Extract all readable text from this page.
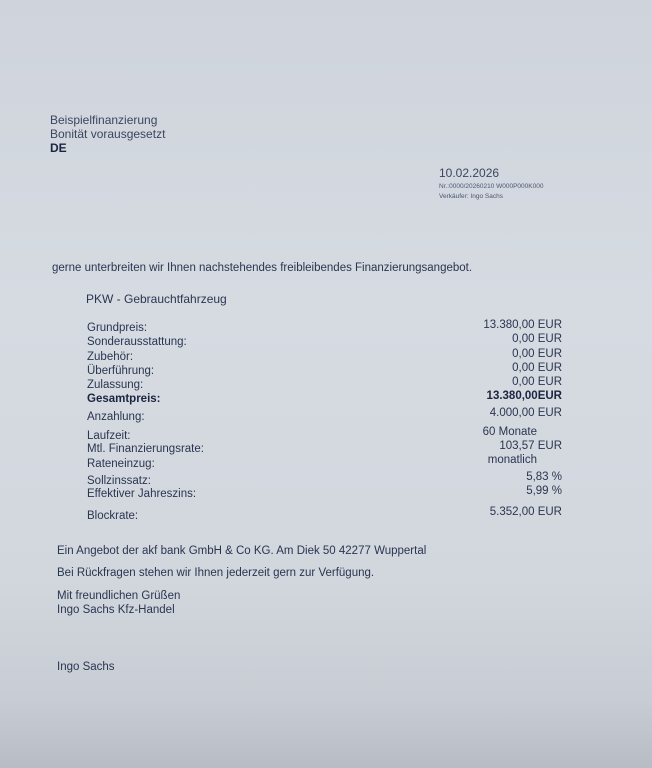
Beispielfinanzierung
Bonität vorausgesetzt
DE
10.02.2026
Nr.:0000/20260210 W000P000K000
Verkäufer: Ingo Sachs
gerne unterbreiten wir Ihnen nachstehendes freibleibendes Finanzierungsangebot.
PKW - Gebrauchtfahrzeug
Grundpreis:	13.380,00 EUR
Sonderausstattung:	0,00 EUR
Zubehör:	0,00 EUR
Überführung:	0,00 EUR
Zulassung:	0,00 EUR
Gesamtpreis:	13.380,00EUR
Anzahlung:	4.000,00 EUR
Laufzeit:	60 Monate
Mtl. Finanzierungsrate:	103,57 EUR
Rateneinzug:	monatlich
Sollzinssatz:	5,83 %
Effektiver Jahreszins:	5,99 %
Blockrate:	5.352,00 EUR
Ein Angebot der akf bank GmbH & Co KG. Am Diek 50 42277 Wuppertal
Bei Rückfragen stehen wir Ihnen jederzeit gern zur Verfügung.
Mit freundlichen Grüßen
Ingo Sachs Kfz-Handel
Ingo Sachs
